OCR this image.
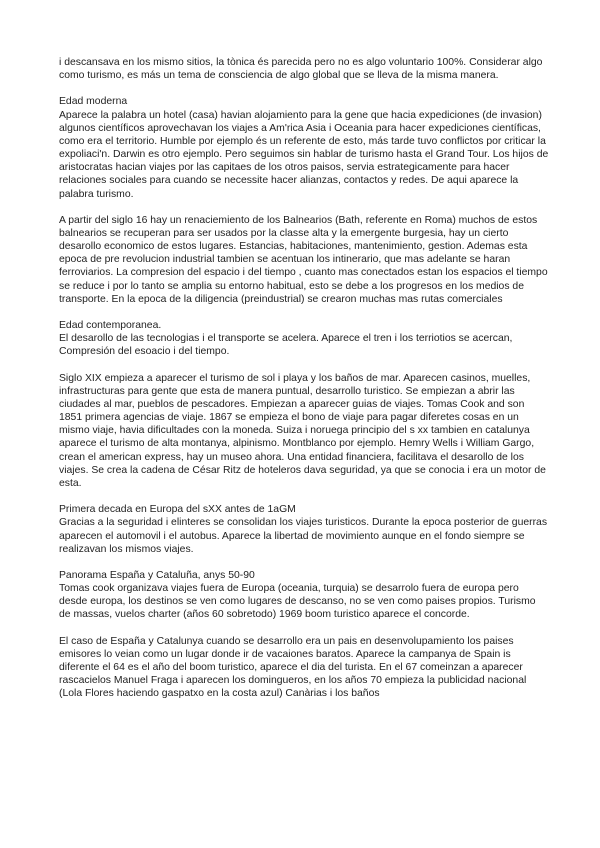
i descansava en los mismo sitios, la tònica és parecida pero no es algo voluntario 100%. Considerar algo como turismo, es más un tema de consciencia de algo global que se lleva de la misma manera.

Edad moderna

Aparece la palabra un hotel (casa) havian alojamiento para la gene que hacia expediciones (de invasion) algunos científicos aprovechavan los viajes a Am'rica Asia i Oceania para hacer expediciones científicas, como era el territorio. Humble por ejemplo és un referente de esto, más tarde tuvo conflictos por criticar la expoliaci'n. Darwin es otro ejemplo. Pero seguimos sin hablar de turismo hasta el Grand Tour. Los hijos de aristocratas hacian viajes por las capitaes de los otros paisos, servia estrategicamente para hacer relaciones sociales para cuando se necessite hacer alianzas, contactos y redes. De aqui aparece la palabra turismo.

A partir del siglo 16 hay un renaciemiento de los Balnearios (Bath, referente en Roma) muchos de estos balnearios se recuperan para ser usados por la classe alta y la emergente burgesia, hay un cierto desarollo economico de estos lugares. Estancias, habitaciones, mantenimiento, gestion. Ademas esta epoca de pre revolucion industrial tambien se acentuan los intinerario, que mas adelante se haran ferroviarios. La compresion del espacio i del tiempo , cuanto mas conectados estan los espacios el tiempo se reduce i por lo tanto se amplia su entorno habitual, esto se debe a los progresos en los medios de transporte. En la epoca de la diligencia (preindustrial) se crearon muchas mas rutas comerciales

Edad contemporanea.

El desarollo de las tecnologias i el transporte se acelera. Aparece el tren i los terriotios se acercan, Compresión del esoacio i del tiempo.

Siglo XIX empieza a aparecer el turismo de sol i playa y los baños de mar. Aparecen casinos, muelles, infrastructuras para gente que esta de manera puntual, desarrollo turistico. Se empiezan a abrir las ciudades al mar, pueblos de pescadores. Empiezan a aparecer guias de viajes. Tomas Cook and son 1851 primera agencias de viaje. 1867 se empieza el bono de viaje para pagar diferetes cosas en un mismo viaje, havia dificultades con la moneda. Suiza i noruega principio del s xx tambien en catalunya aparece el turismo de alta montanya, alpinismo. Montblanco por ejemplo. Hemry Wells i William Gargo, crean el american express, hay un museo ahora. Una entidad financiera, facilitava el desarollo de los viajes. Se crea la cadena de César Ritz de hoteleros dava seguridad, ya que se conocia i era un motor de esta.

Primera decada en Europa del sXX antes de 1aGM

Gracias a la seguridad i elinteres se consolidan los viajes turisticos. Durante la epoca posterior de guerras aparecen el automovil i el autobus. Aparece la libertad de movimiento aunque en el fondo siempre se realizavan los mismos viajes.

Panorama España y Cataluña, anys 50-90

Tomas cook organizava viajes fuera de Europa (oceania, turquia) se desarrolo fuera de europa pero desde europa, los destinos se ven como lugares de descanso, no se ven como paises propios. Turismo de massas, vuelos charter (años 60 sobretodo) 1969 boom turistico aparece el concorde.

El caso de España y Catalunya cuando se desarrollo era un pais en desenvolupamiento los paises emisores lo veian como un lugar donde ir de vacaiones baratos. Aparece la campanya de Spain is diferente el 64 es el año del boom turistico, aparece el dia del turista. En el 67 comeinzan a aparecer rascacielos Manuel Fraga i aparecen los domingueros, en los años 70 empieza la publicidad nacional (Lola Flores haciendo gaspatxo en la costa azul) Canàrias i los baños
